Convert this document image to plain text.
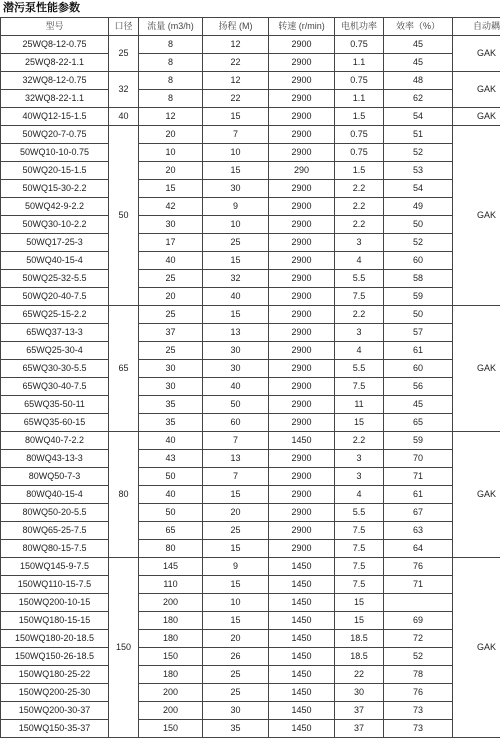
潜污泵性能参数
型号	口径	流量 (m3/h)	扬程 (M)	转速 (r/min)	电机功率	效率（%）	自动耦
25WQ8-12-0.75	25	8	12	2900	0.75	45	GAK
25WQ8-22-1.1		8	22	2900	1.1	45	
32WQ8-12-0.75	32	8	12	2900	0.75	48	GAK
32WQ8-22-1.1		8	22	2900	1.1	62	
40WQ12-15-1.5	40	12	15	2900	1.5	54	GAK
50WQ20-7-0.75	50	20	7	2900	0.75	51	GAK
50WQ10-10-0.75		10	10	2900	0.75	52	
50WQ20-15-1.5		20	15	290	1.5	53	
50WQ15-30-2.2		15	30	2900	2.2	54	
50WQ42-9-2.2		42	9	2900	2.2	49	
50WQ30-10-2.2		30	10	2900	2.2	50	
50WQ17-25-3		17	25	2900	3	52	
50WQ40-15-4		40	15	2900	4	60	
50WQ25-32-5.5		25	32	2900	5.5	58	
50WQ20-40-7.5		20	40	2900	7.5	59	
65WQ25-15-2.2	65	25	15	2900	2.2	50	GAK
65WQ37-13-3		37	13	2900	3	57	
65WQ25-30-4		25	30	2900	4	61	
65WQ30-30-5.5		30	30	2900	5.5	60	
65WQ30-40-7.5		30	40	2900	7.5	56	
65WQ35-50-11		35	50	2900	11	45	
65WQ35-60-15		35	60	2900	15	65	
80WQ40-7-2.2	80	40	7	1450	2.2	59	GAK
80WQ43-13-3		43	13	2900	3	70	
80WQ50-7-3		50	7	2900	3	71	
80WQ40-15-4		40	15	2900	4	61	
80WQ50-20-5.5		50	20	2900	5.5	67	
80WQ65-25-7.5		65	25	2900	7.5	63	
80WQ80-15-7.5		80	15	2900	7.5	64	
150WQ145-9-7.5	150	145	9	1450	7.5	76	GAK
150WQ110-15-7.5		110	15	1450	7.5	71	
150WQ200-10-15		200	10	1450	15		
150WQ180-15-15		180	15	1450	15	69	
150WQ180-20-18.5		180	20	1450	18.5	72	
150WQ150-26-18.5		150	26	1450	18.5	52	
150WQ180-25-22		180	25	1450	22	78	
150WQ200-25-30		200	25	1450	30	76	
150WQ200-30-37		200	30	1450	37	73	
150WQ150-35-37		150	35	1450	37	73	
